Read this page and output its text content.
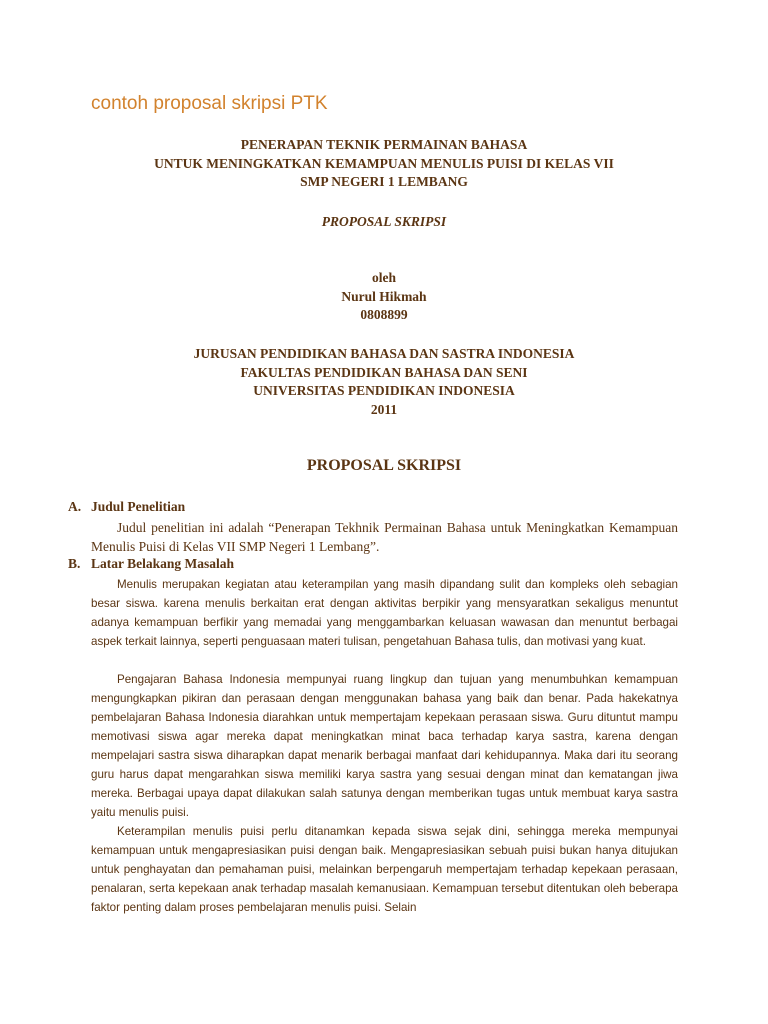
contoh proposal skripsi PTK
PENERAPAN TEKNIK PERMAINAN BAHASA
UNTUK MENINGKATKAN KEMAMPUAN MENULIS PUISI DI KELAS VII
SMP NEGERI 1 LEMBANG
PROPOSAL SKRIPSI
oleh
Nurul Hikmah
0808899
JURUSAN PENDIDIKAN BAHASA DAN SASTRA INDONESIA
FAKULTAS PENDIDIKAN BAHASA DAN SENI
UNIVERSITAS PENDIDIKAN INDONESIA
2011
PROPOSAL SKRIPSI
A. Judul Penelitian

Judul penelitian ini adalah “Penerapan Tekhnik Permainan Bahasa untuk Meningkatkan Kemampuan Menulis Puisi di Kelas VII SMP Negeri 1 Lembang”.

B. Latar Belakang Masalah

Menulis merupakan kegiatan atau keterampilan yang masih dipandang sulit dan kompleks oleh sebagian besar siswa. karena menulis berkaitan erat dengan aktivitas berpikir yang mensyaratkan sekaligus menuntut adanya kemampuan berfikir yang memadai yang menggambarkan keluasan wawasan dan menuntut berbagai aspek terkait lainnya, seperti penguasaan materi tulisan, pengetahuan Bahasa tulis, dan motivasi yang kuat.

Pengajaran Bahasa Indonesia mempunyai ruang lingkup dan tujuan yang menumbuhkan kemampuan mengungkapkan pikiran dan perasaan dengan menggunakan bahasa yang baik dan benar. Pada hakekatnya pembelajaran Bahasa Indonesia diarahkan untuk mempertajam kepekaan perasaan siswa. Guru dituntut mampu memotivasi siswa agar mereka dapat meningkatkan minat baca terhadap karya sastra, karena dengan mempelajari sastra siswa diharapkan dapat menarik berbagai manfaat dari kehidupannya. Maka dari itu seorang guru harus dapat mengarahkan siswa memiliki karya sastra yang sesuai dengan minat dan kematangan jiwa mereka. Berbagai upaya dapat dilakukan salah satunya dengan memberikan tugas untuk membuat karya sastra yaitu menulis puisi.

Keterampilan menulis puisi perlu ditanamkan kepada siswa sejak dini, sehingga mereka mempunyai kemampuan untuk mengapresiasikan puisi dengan baik. Mengapresiasikan sebuah puisi bukan hanya ditujukan untuk penghayatan dan pemahaman puisi, melainkan berpengaruh mempertajam terhadap kepekaan perasaan, penalaran, serta kepekaan anak terhadap masalah kemanusiaan. Kemampuan tersebut ditentukan oleh beberapa faktor penting dalam proses pembelajaran menulis puisi. Selain
